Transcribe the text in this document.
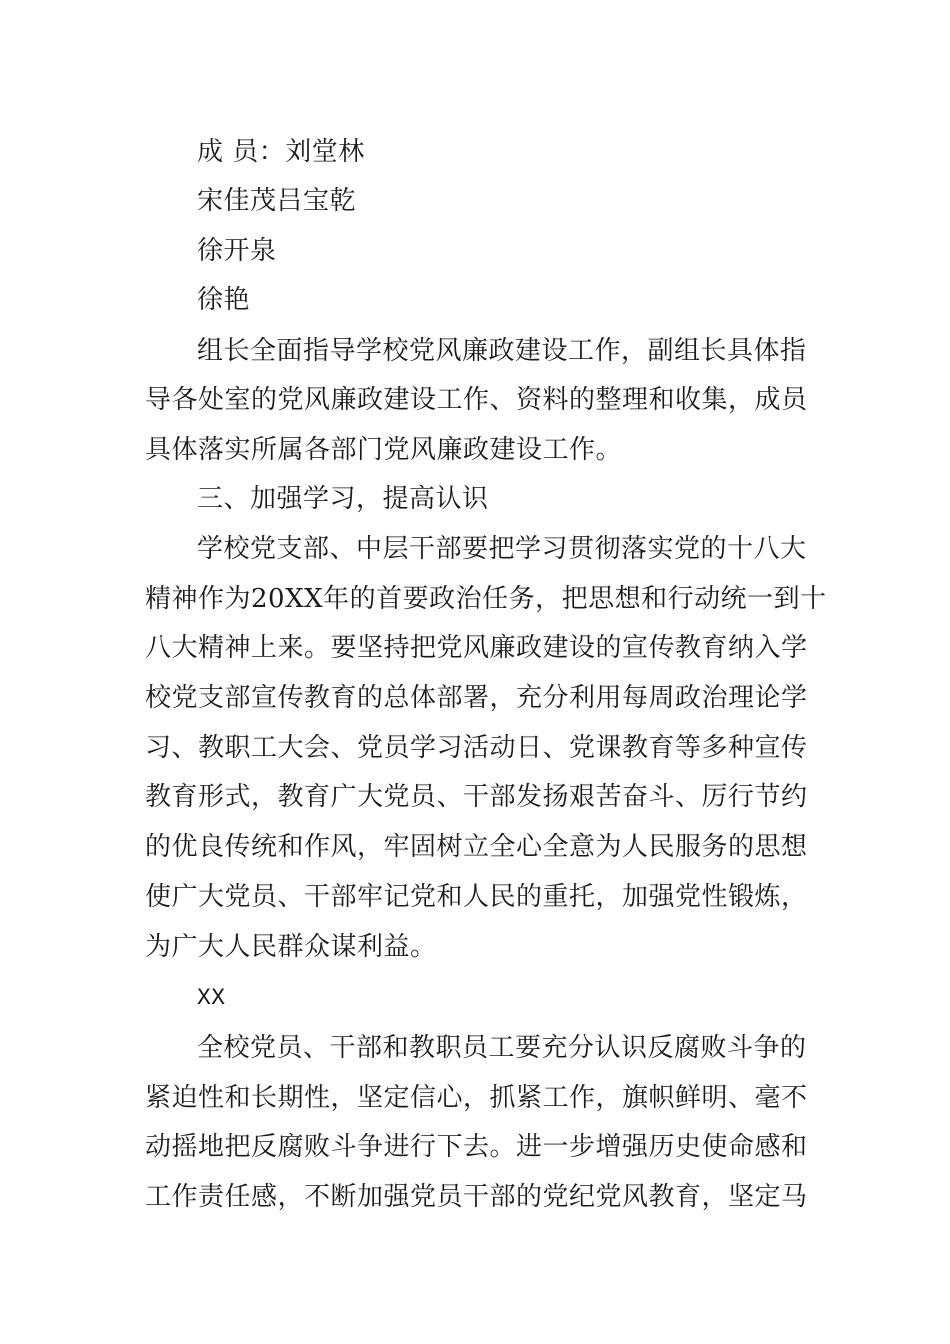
成 员：刘堂林
宋佳茂吕宝乾
徐开泉
徐艳
组长全面指导学校党风廉政建设工作，副组长具体指
导各处室的党风廉政建设工作、资料的整理和收集，成员
具体落实所属各部门党风廉政建设工作。
三、加强学习，提高认识
学校党支部、中层干部要把学习贯彻落实党的十八大
精神作为20XX年的首要政治任务，把思想和行动统一到十
八大精神上来。要坚持把党风廉政建设的宣传教育纳入学
校党支部宣传教育的总体部署，充分利用每周政治理论学
习、教职工大会、党员学习活动日、党课教育等多种宣传
教育形式，教育广大党员、干部发扬艰苦奋斗、厉行节约
的优良传统和作风，牢固树立全心全意为人民服务的思想
使广大党员、干部牢记党和人民的重托，加强党性锻炼，
为广大人民群众谋利益。
XX
全校党员、干部和教职员工要充分认识反腐败斗争的
紧迫性和长期性，坚定信心，抓紧工作，旗帜鲜明、毫不
动摇地把反腐败斗争进行下去。进一步增强历史使命感和
工作责任感，不断加强党员干部的党纪党风教育，坚定马
